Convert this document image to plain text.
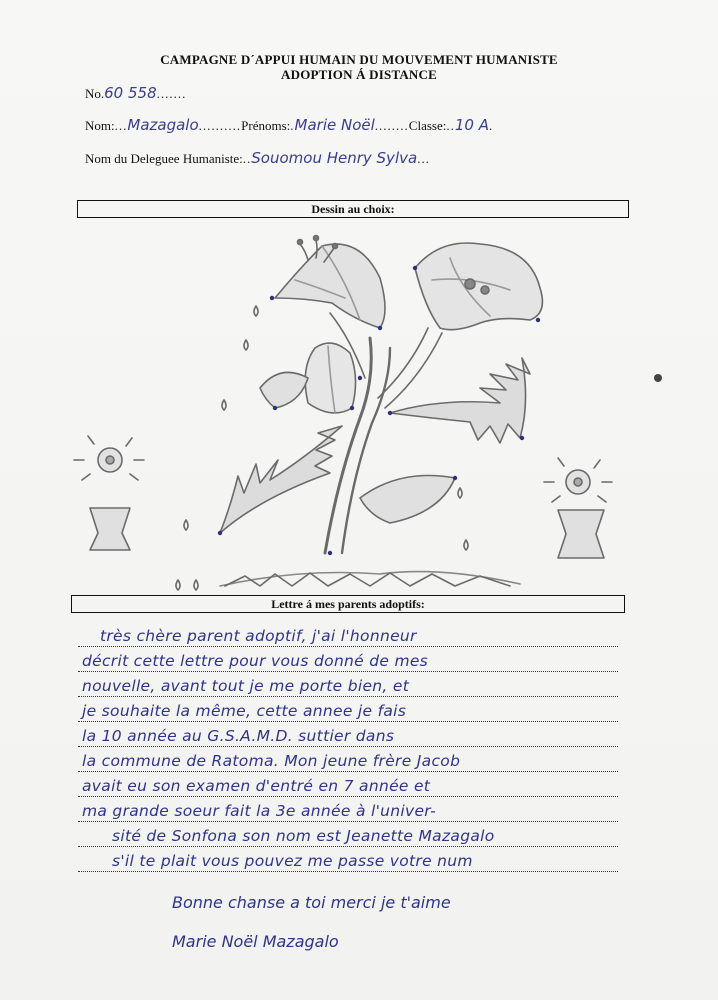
CAMPAGNE D´APPUI HUMAIN DU MOUVEMENT HUMANISTE
ADOPTION Á DISTANCE
No.60 558.......
Nom:...Mazagalo..........Prénoms:.Marie Noël........Classe:..10 A.
Nom du Deleguee Humaniste:..Souomou Henry Sylva...
Dessin au choix:
Lettre á mes parents adoptifs:
très chère parent adoptif, j'ai l'honneur
décrit cette lettre pour vous donné de mes
nouvelle, avant tout je me porte bien, et
je souhaite la même, cette annee je fais
la 10 année au G.S.A.M.D. suttier dans
la commune de Ratoma. Mon jeune frère Jacob
avait eu son examen d'entré en 7 année et
ma grande soeur fait la 3e année à l'univer-
sité de Sonfona son nom est Jeanette Mazagalo
s'il te plait vous pouvez me passe votre num
Bonne chanse a toi merci je t'aime
Marie Noël Mazagalo
